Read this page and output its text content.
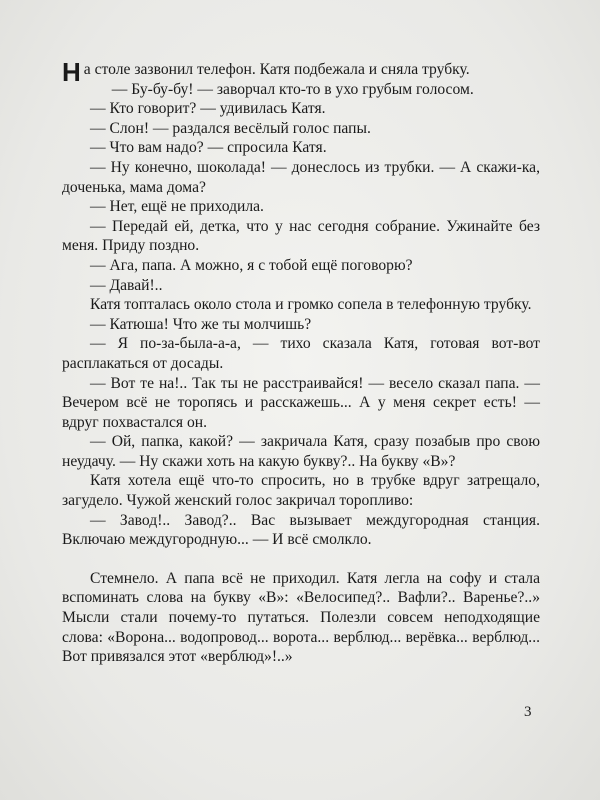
На столе зазвонил телефон. Катя подбежала и сняла трубку.

— Бу-бу-бу! — заворчал кто-то в ухо грубым голосом.

— Кто говорит? — удивилась Катя.

— Слон! — раздался весёлый голос папы.

— Что вам надо? — спросила Катя.

— Ну конечно, шоколада! — донеслось из трубки. — А скажи-ка, доченька, мама дома?

— Нет, ещё не приходила.

— Передай ей, детка, что у нас сегодня собрание. Ужинайте без меня. Приду поздно.

— Ага, папа. А можно, я с тобой ещё поговорю?

— Давай!..

Катя топталась около стола и громко сопела в телефонную трубку.

— Катюша! Что же ты молчишь?

— Я по-за-была-а-а, — тихо сказала Катя, готовая вот-вот расплакаться от досады.

— Вот те на!.. Так ты не расстраивайся! — весело сказал папа. — Вечером всё не торопясь и расскажешь... А у меня секрет есть! — вдруг похвастался он.

— Ой, папка, какой? — закричала Катя, сразу позабыв про свою неудачу. — Ну скажи хоть на какую букву?.. На букву «В»?

Катя хотела ещё что-то спросить, но в трубке вдруг затрещало, загудело. Чужой женский голос закричал торопливо:

— Завод!.. Завод?.. Вас вызывает междугородная станция. Включаю междугородную... — И всё смолкло.

Стемнело. А папа всё не приходил. Катя легла на софу и стала вспоминать слова на букву «В»: «Велосипед?.. Вафли?.. Варенье?..» Мысли стали почему-то путаться. Полезли совсем неподходящие слова: «Ворона... водопровод... ворота... верблюд... верёвка... верблюд... Вот привязался этот «верблюд»!..»

3
